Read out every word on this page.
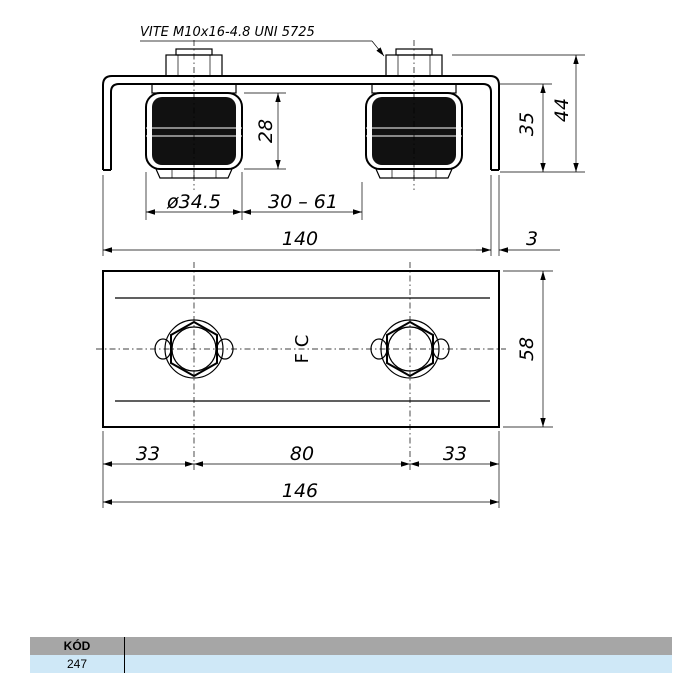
VITE M10x16-4.8 UNI 5725
28	35
44
ø34.5 30 – 61
140	3
F C	58
33	80	33
146
KÓD	
247	
